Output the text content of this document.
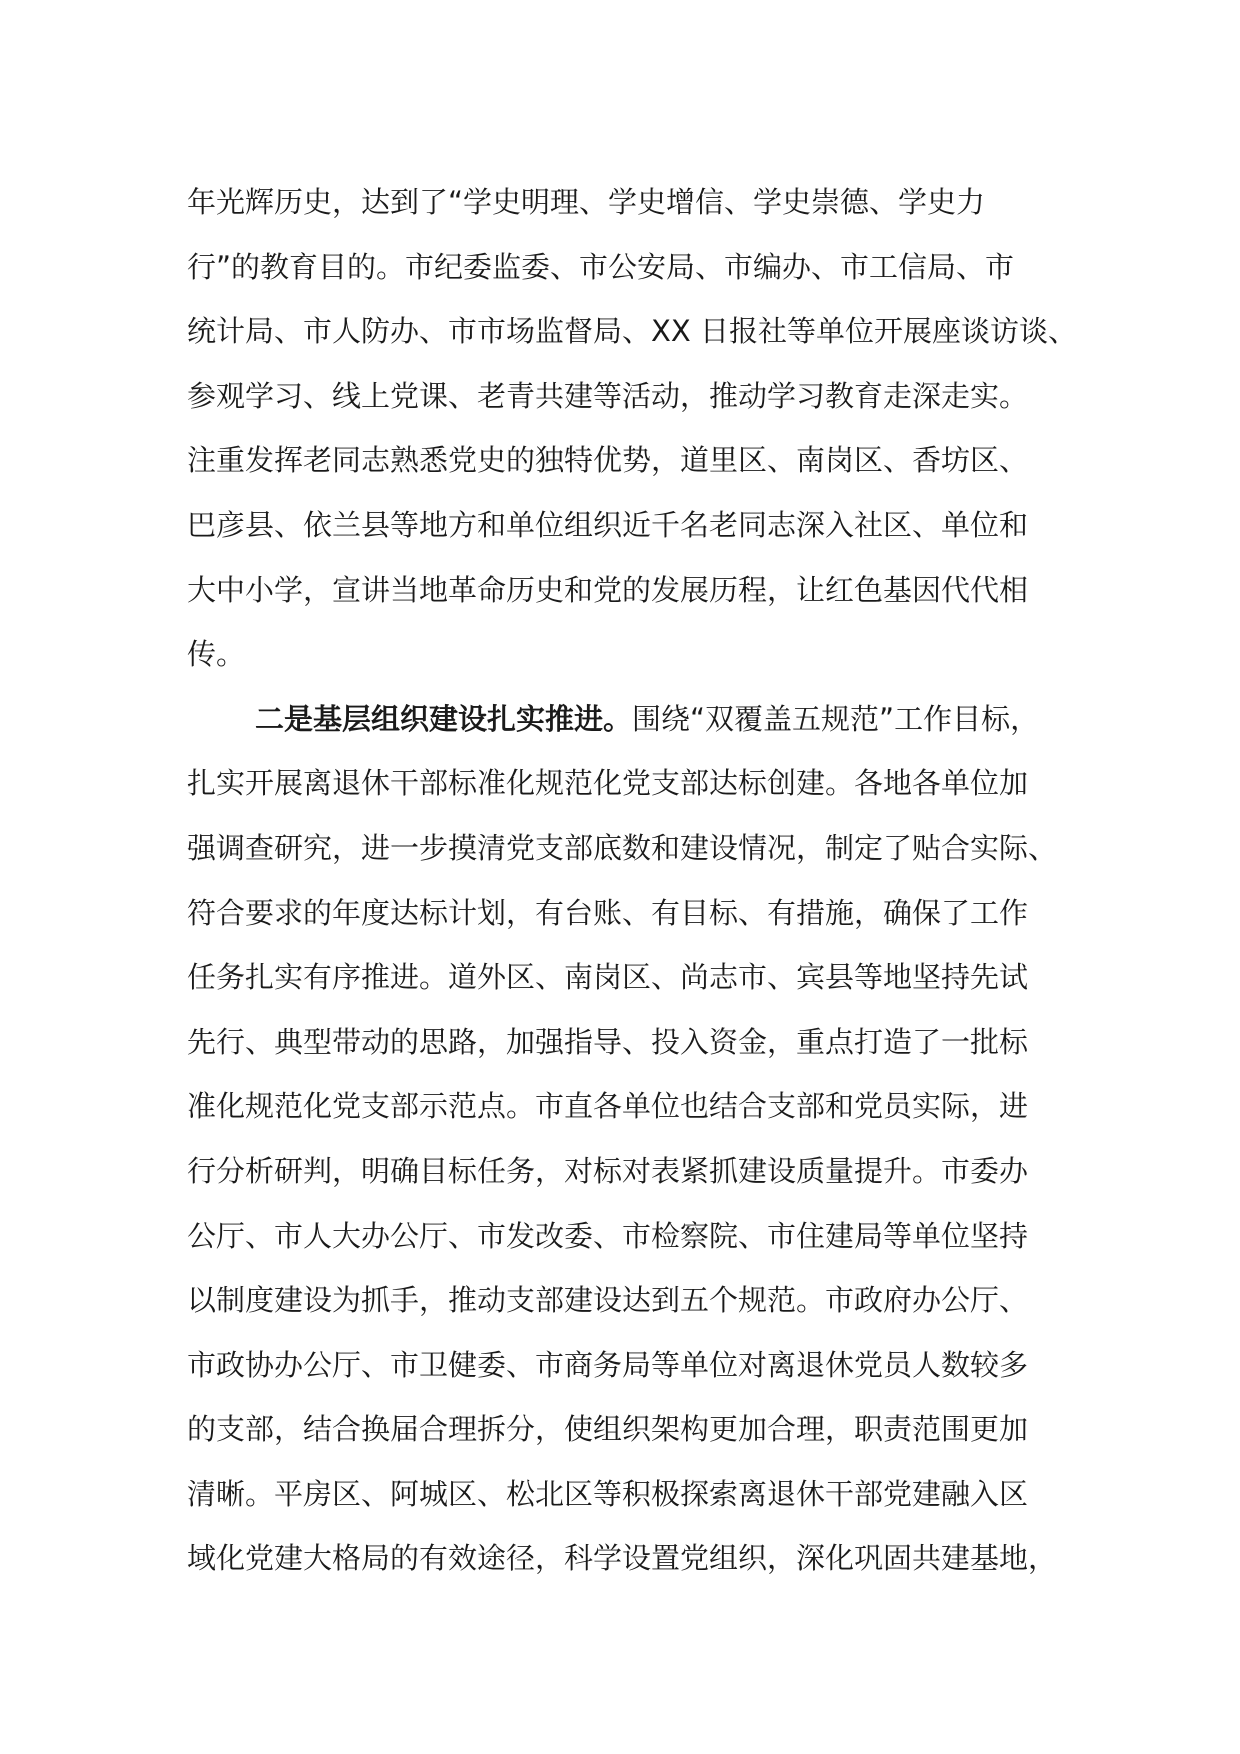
年光辉历史，达到了“学史明理、学史增信、学史崇德、学史力
行”的教育目的。市纪委监委、市公安局、市编办、市工信局、市
统计局、市人防办、市市场监督局、XX 日报社等单位开展座谈访谈、
参观学习、线上党课、老青共建等活动，推动学习教育走深走实。
注重发挥老同志熟悉党史的独特优势，道里区、南岗区、香坊区、
巴彦县、依兰县等地方和单位组织近千名老同志深入社区、单位和
大中小学，宣讲当地革命历史和党的发展历程，让红色基因代代相
传。
二是基层组织建设扎实推进。围绕“双覆盖五规范”工作目标，
扎实开展离退休干部标准化规范化党支部达标创建。各地各单位加
强调查研究，进一步摸清党支部底数和建设情况，制定了贴合实际、
符合要求的年度达标计划，有台账、有目标、有措施，确保了工作
任务扎实有序推进。道外区、南岗区、尚志市、宾县等地坚持先试
先行、典型带动的思路，加强指导、投入资金，重点打造了一批标
准化规范化党支部示范点。市直各单位也结合支部和党员实际，进
行分析研判，明确目标任务，对标对表紧抓建设质量提升。市委办
公厅、市人大办公厅、市发改委、市检察院、市住建局等单位坚持
以制度建设为抓手，推动支部建设达到五个规范。市政府办公厅、
市政协办公厅、市卫健委、市商务局等单位对离退休党员人数较多
的支部，结合换届合理拆分，使组织架构更加合理，职责范围更加
清晰。平房区、阿城区、松北区等积极探索离退休干部党建融入区
域化党建大格局的有效途径，科学设置党组织，深化巩固共建基地，
